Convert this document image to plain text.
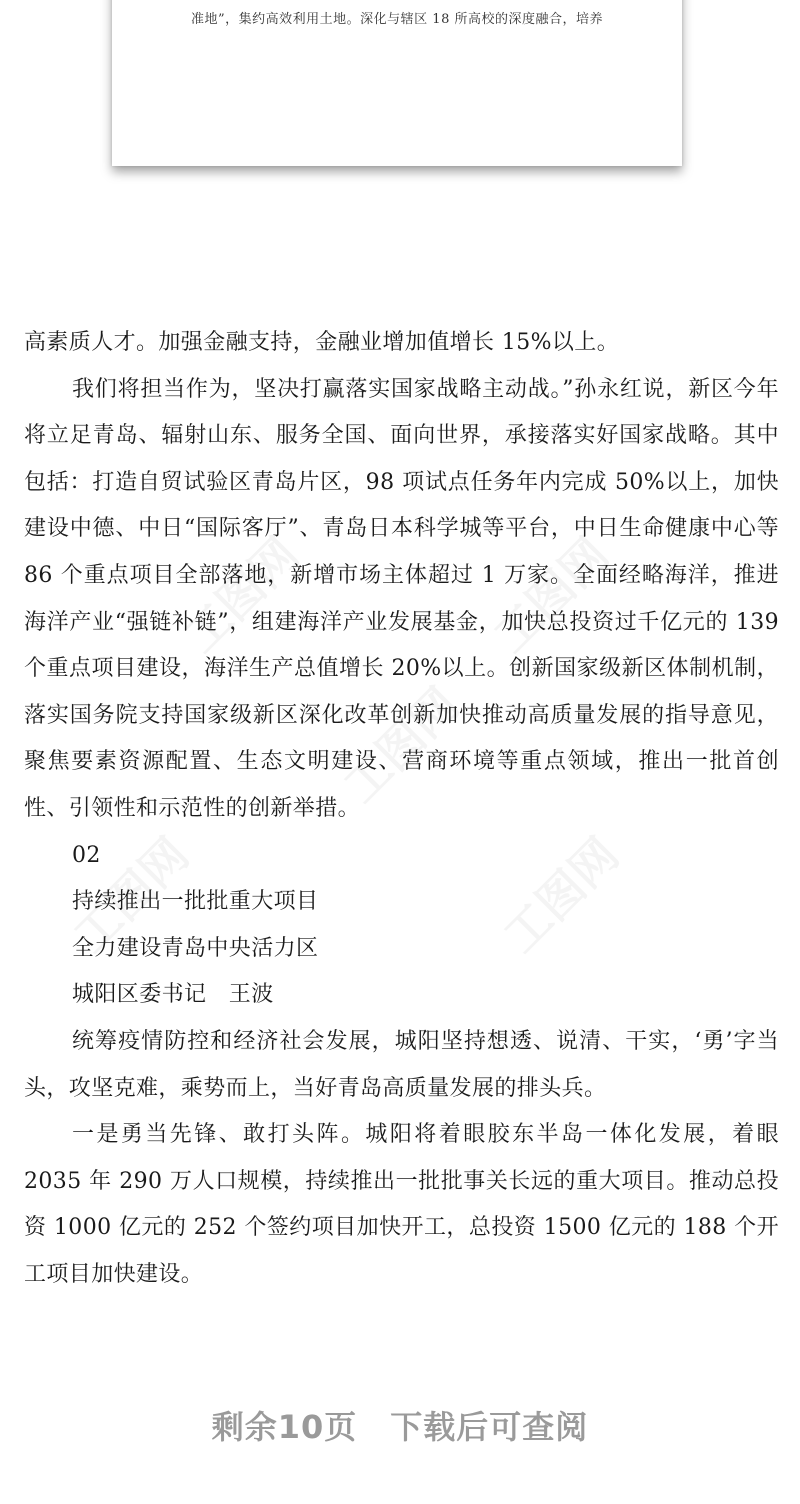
准地”，集约高效利用土地。深化与辖区 18 所高校的深度融合，培养

高素质人才。加强金融支持，金融业增加值增长 15%以上。

我们将担当作为，坚决打赢落实国家战略主动战。”孙永红说，新区今年将立足青岛、辐射山东、服务全国、面向世界，承接落实好国家战略。其中包括：打造自贸试验区青岛片区，98 项试点任务年内完成 50%以上，加快建设中德、中日“国际客厅”、青岛日本科学城等平台，中日生命健康中心等 86 个重点项目全部落地，新增市场主体超过 1 万家。全面经略海洋，推进海洋产业“强链补链”，组建海洋产业发展基金，加快总投资过千亿元的 139 个重点项目建设，海洋生产总值增长 20%以上。创新国家级新区体制机制，落实国务院支持国家级新区深化改革创新加快推动高质量发展的指导意见，聚焦要素资源配置、生态文明建设、营商环境等重点领域，推出一批首创性、引领性和示范性的创新举措。

02

持续推出一批批重大项目

全力建设青岛中央活力区

城阳区委书记　王波

统筹疫情防控和经济社会发展，城阳坚持想透、说清、干实，‘勇’字当头，攻坚克难，乘势而上，当好青岛高质量发展的排头兵。

一是勇当先锋、敢打头阵。城阳将着眼胶东半岛一体化发展，着眼 2035 年 290 万人口规模，持续推出一批批事关长远的重大项目。推动总投资 1000 亿元的 252 个签约项目加快开工，总投资 1500 亿元的 188 个开工项目加快建设。

剩余10页　下载后可查阅
